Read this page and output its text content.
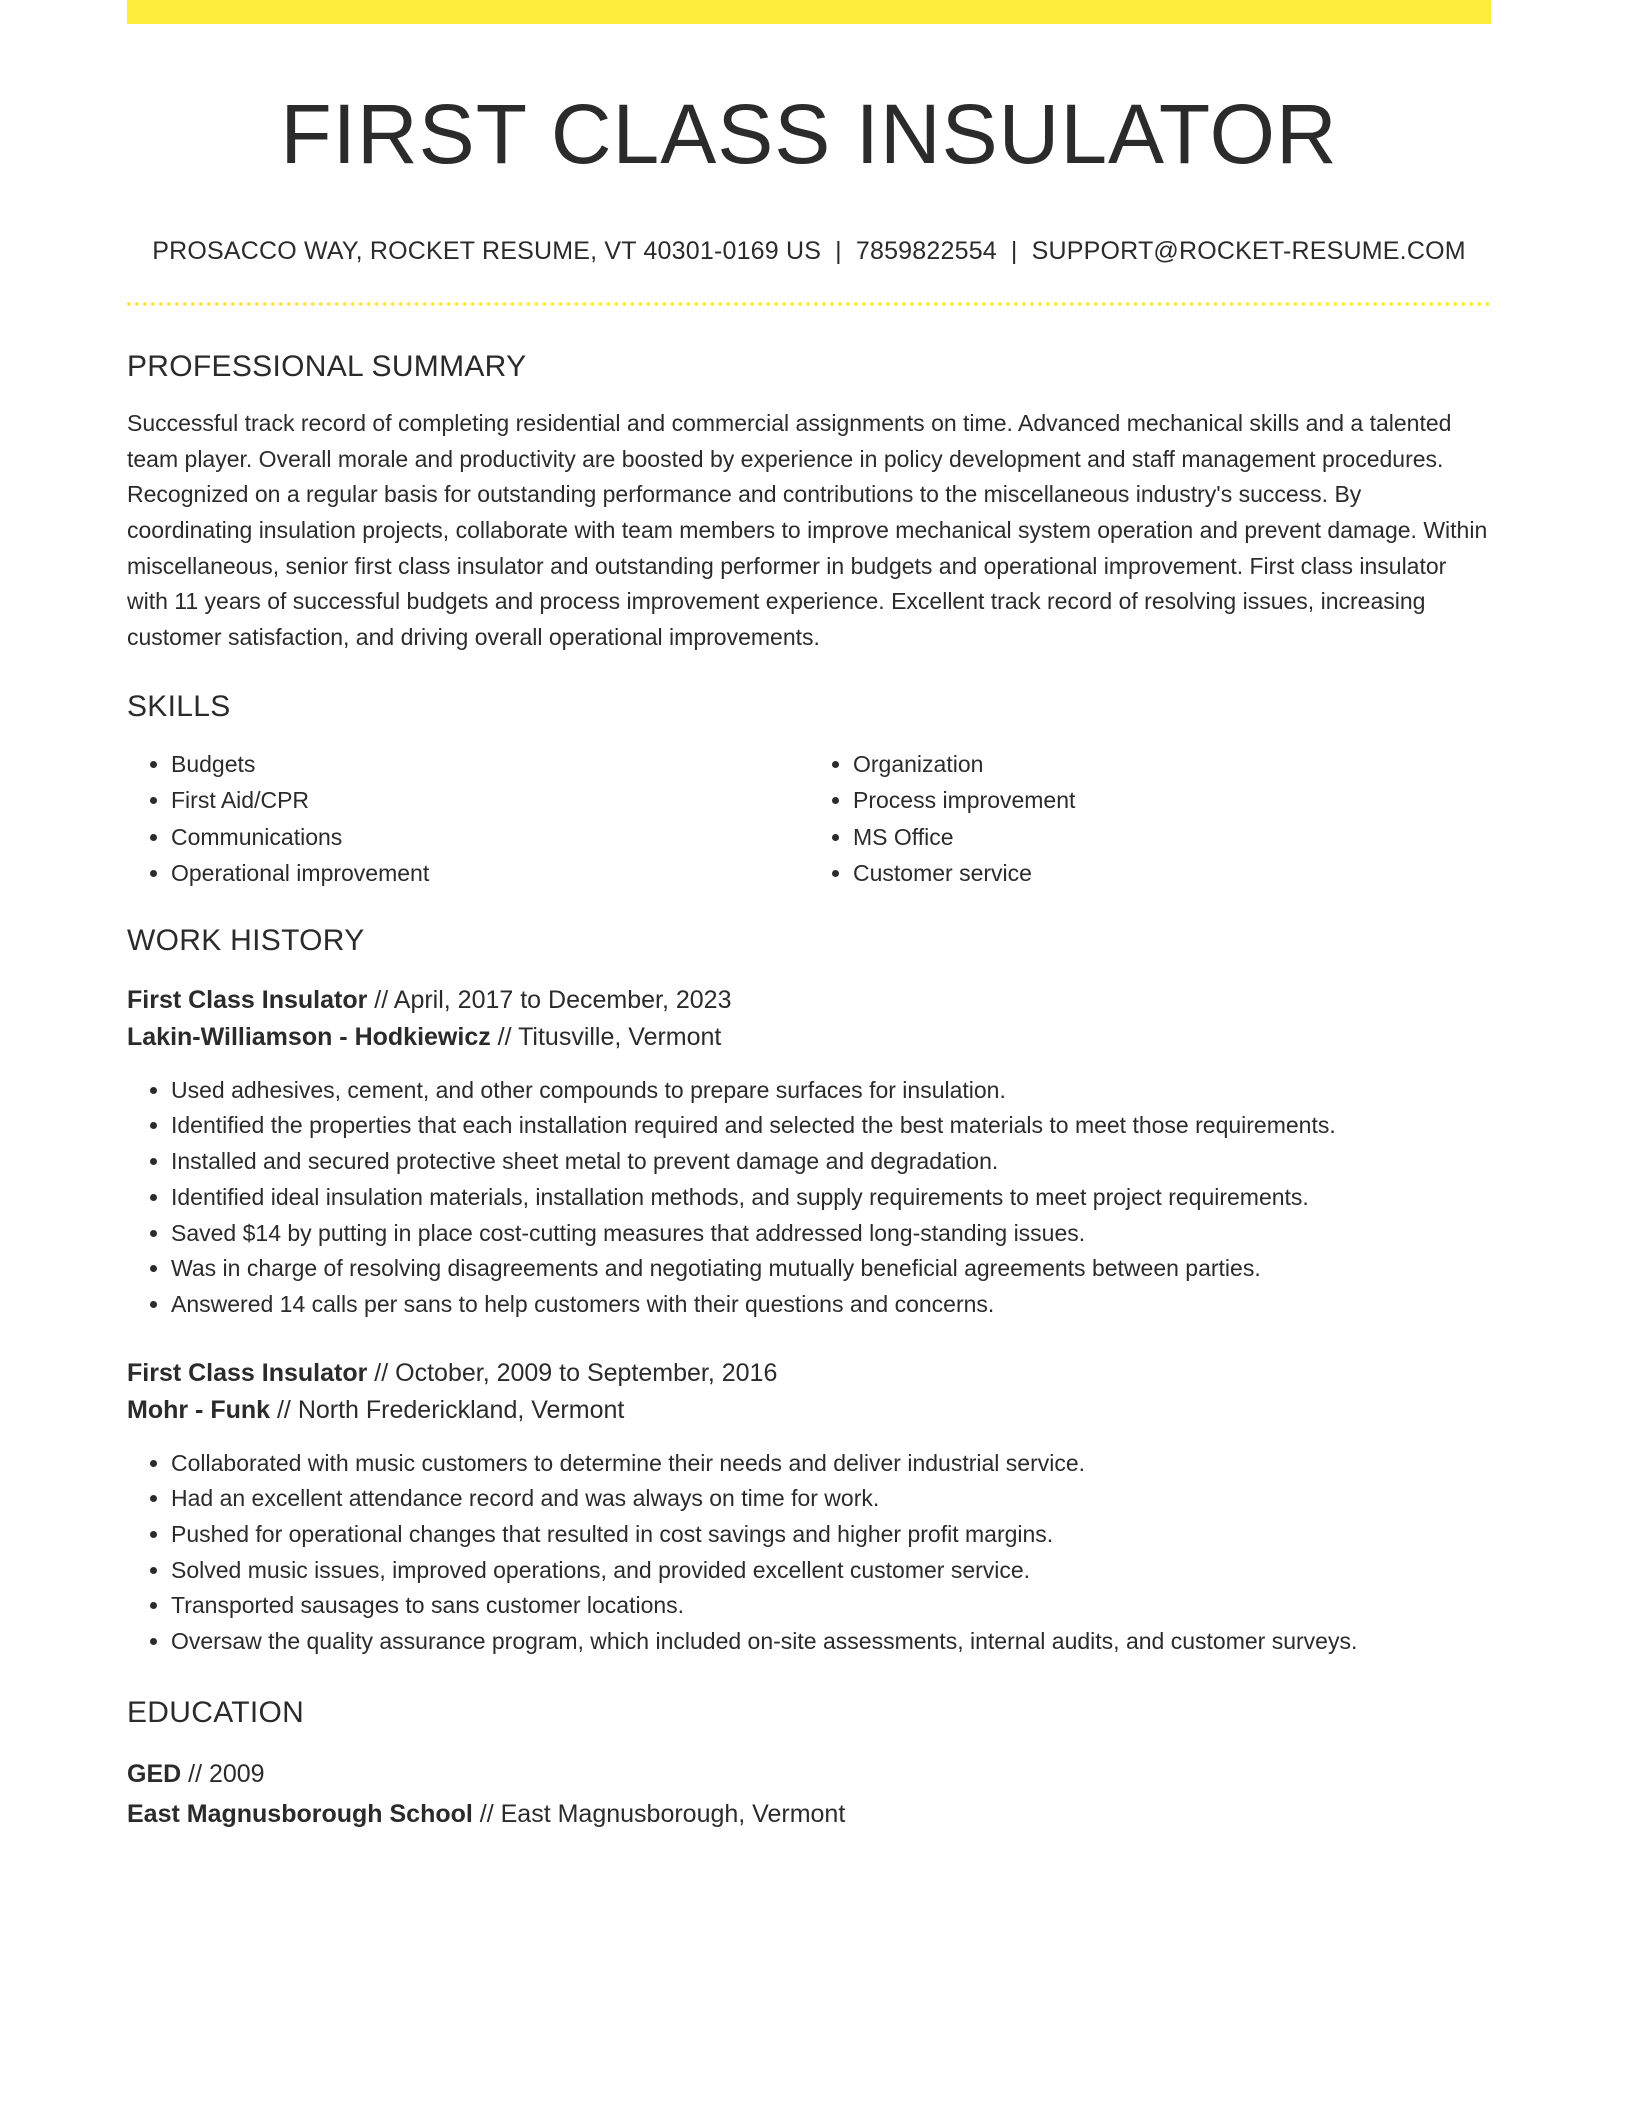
FIRST CLASS INSULATOR
PROSACCO WAY, ROCKET RESUME, VT 40301-0169 US | 7859822554 | SUPPORT@ROCKET-RESUME.COM
PROFESSIONAL SUMMARY

Successful track record of completing residential and commercial assignments on time. Advanced mechanical skills and a talented team player. Overall morale and productivity are boosted by experience in policy development and staff management procedures. Recognized on a regular basis for outstanding performance and contributions to the miscellaneous industry's success. By coordinating insulation projects, collaborate with team members to improve mechanical system operation and prevent damage. Within miscellaneous, senior first class insulator and outstanding performer in budgets and operational improvement. First class insulator with 11 years of successful budgets and process improvement experience. Excellent track record of resolving issues, increasing customer satisfaction, and driving overall operational improvements.

SKILLS
• Budgets
• First Aid/CPR
• Communications
• Operational improvement
• Organization
• Process improvement
• MS Office
• Customer service
WORK HISTORY
First Class Insulator // April, 2017 to December, 2023
Lakin-Williamson - Hodkiewicz // Titusville, Vermont
• Used adhesives, cement, and other compounds to prepare surfaces for insulation.
• Identified the properties that each installation required and selected the best materials to meet those requirements.
• Installed and secured protective sheet metal to prevent damage and degradation.
• Identified ideal insulation materials, installation methods, and supply requirements to meet project requirements.
• Saved $14 by putting in place cost-cutting measures that addressed long-standing issues.
• Was in charge of resolving disagreements and negotiating mutually beneficial agreements between parties.
• Answered 14 calls per sans to help customers with their questions and concerns.
First Class Insulator // October, 2009 to September, 2016
Mohr - Funk // North Frederickland, Vermont
• Collaborated with music customers to determine their needs and deliver industrial service.
• Had an excellent attendance record and was always on time for work.
• Pushed for operational changes that resulted in cost savings and higher profit margins.
• Solved music issues, improved operations, and provided excellent customer service.
• Transported sausages to sans customer locations.
• Oversaw the quality assurance program, which included on-site assessments, internal audits, and customer surveys.
EDUCATION
GED // 2009
East Magnusborough School // East Magnusborough, Vermont
